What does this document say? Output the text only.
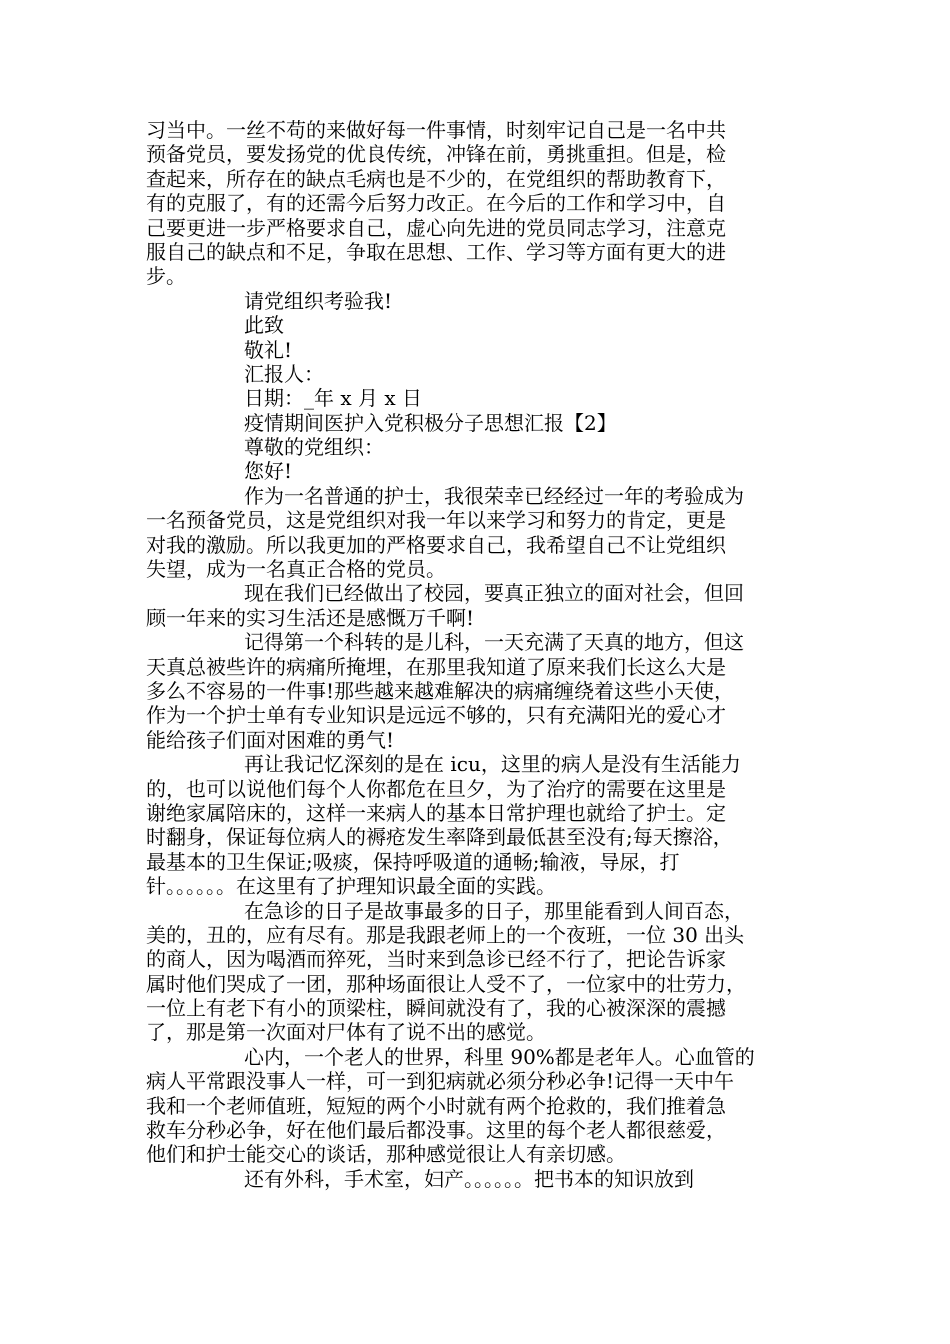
习当中。一丝不苟的来做好每一件事情，时刻牢记自己是一名中共
预备党员，要发扬党的优良传统，冲锋在前，勇挑重担。但是，检
查起来，所存在的缺点毛病也是不少的，在党组织的帮助教育下，
有的克服了，有的还需今后努力改正。在今后的工作和学习中，自
己要更进一步严格要求自己，虚心向先进的党员同志学习，注意克
服自己的缺点和不足，争取在思想、工作、学习等方面有更大的进
步。
请党组织考验我!
此致
敬礼!
汇报人：
日期：_年 x 月 x 日
疫情期间医护入党积极分子思想汇报【2】
尊敬的党组织：
您好!
作为一名普通的护士，我很荣幸已经经过一年的考验成为
一名预备党员，这是党组织对我一年以来学习和努力的肯定，更是
对我的激励。所以我更加的严格要求自己，我希望自己不让党组织
失望，成为一名真正合格的党员。
现在我们已经做出了校园，要真正独立的面对社会，但回
顾一年来的实习生活还是感慨万千啊!
记得第一个科转的是儿科，一天充满了天真的地方，但这
天真总被些许的病痛所掩埋，在那里我知道了原来我们长这么大是
多么不容易的一件事!那些越来越难解决的病痛缠绕着这些小天使，
作为一个护士单有专业知识是远远不够的，只有充满阳光的爱心才
能给孩子们面对困难的勇气!
再让我记忆深刻的是在 icu，这里的病人是没有生活能力
的，也可以说他们每个人你都危在旦夕，为了治疗的需要在这里是
谢绝家属陪床的，这样一来病人的基本日常护理也就给了护士。定
时翻身，保证每位病人的褥疮发生率降到最低甚至没有;每天擦浴，
最基本的卫生保证;吸痰，保持呼吸道的通畅;输液，导尿，打
针。。。。。。在这里有了护理知识最全面的实践。
在急诊的日子是故事最多的日子，那里能看到人间百态，
美的，丑的，应有尽有。那是我跟老师上的一个夜班，一位 30 出头
的商人，因为喝酒而猝死，当时来到急诊已经不行了，把论告诉家
属时他们哭成了一团，那种场面很让人受不了，一位家中的壮劳力，
一位上有老下有小的顶梁柱，瞬间就没有了，我的心被深深的震撼
了，那是第一次面对尸体有了说不出的感觉。
心内，一个老人的世界，科里 90%都是老年人。心血管的
病人平常跟没事人一样，可一到犯病就必须分秒必争!记得一天中午
我和一个老师值班，短短的两个小时就有两个抢救的，我们推着急
救车分秒必争，好在他们最后都没事。这里的每个老人都很慈爱，
他们和护士能交心的谈话，那种感觉很让人有亲切感。
还有外科，手术室，妇产。。。。。。把书本的知识放到
